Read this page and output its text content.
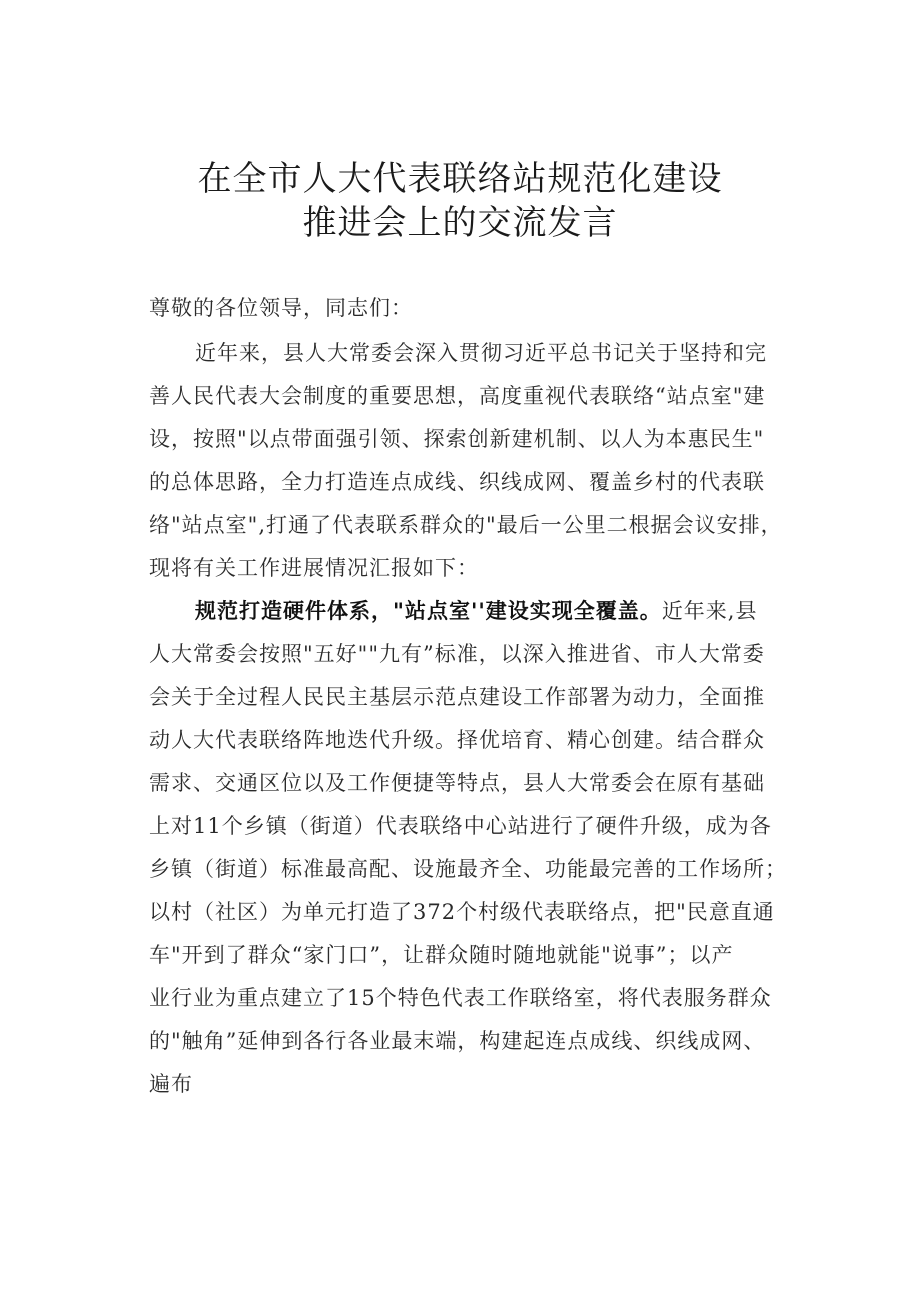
在全市人大代表联络站规范化建设
推进会上的交流发言
尊敬的各位领导，同志们：
近年来，县人大常委会深入贯彻习近平总书记关于坚持和完
善人民代表大会制度的重要思想，高度重视代表联络“站点室"建
设，按照"以点带面强引领、探索创新建机制、以人为本惠民生"
的总体思路，全力打造连点成线、织线成网、覆盖乡村的代表联
络"站点室",打通了代表联系群众的"最后一公里二根据会议安排，
现将有关工作进展情况汇报如下：
规范打造硬件体系，"站点室''建设实现全覆盖。近年来,县
人大常委会按照"五好""九有”标准，以深入推进省、市人大常委
会关于全过程人民民主基层示范点建设工作部署为动力，全面推
动人大代表联络阵地迭代升级。择优培育、精心创建。结合群众
需求、交通区位以及工作便捷等特点，县人大常委会在原有基础
上对11个乡镇（街道）代表联络中心站进行了硬件升级，成为各
乡镇（街道）标准最高配、设施最齐全、功能最完善的工作场所；
以村（社区）为单元打造了372个村级代表联络点，把"民意直通
车"开到了群众“家门口”，让群众随时随地就能"说事”；以产
业行业为重点建立了15个特色代表工作联络室，将代表服务群众
的"触角”延伸到各行各业最末端，构建起连点成线、织线成网、
遍布
